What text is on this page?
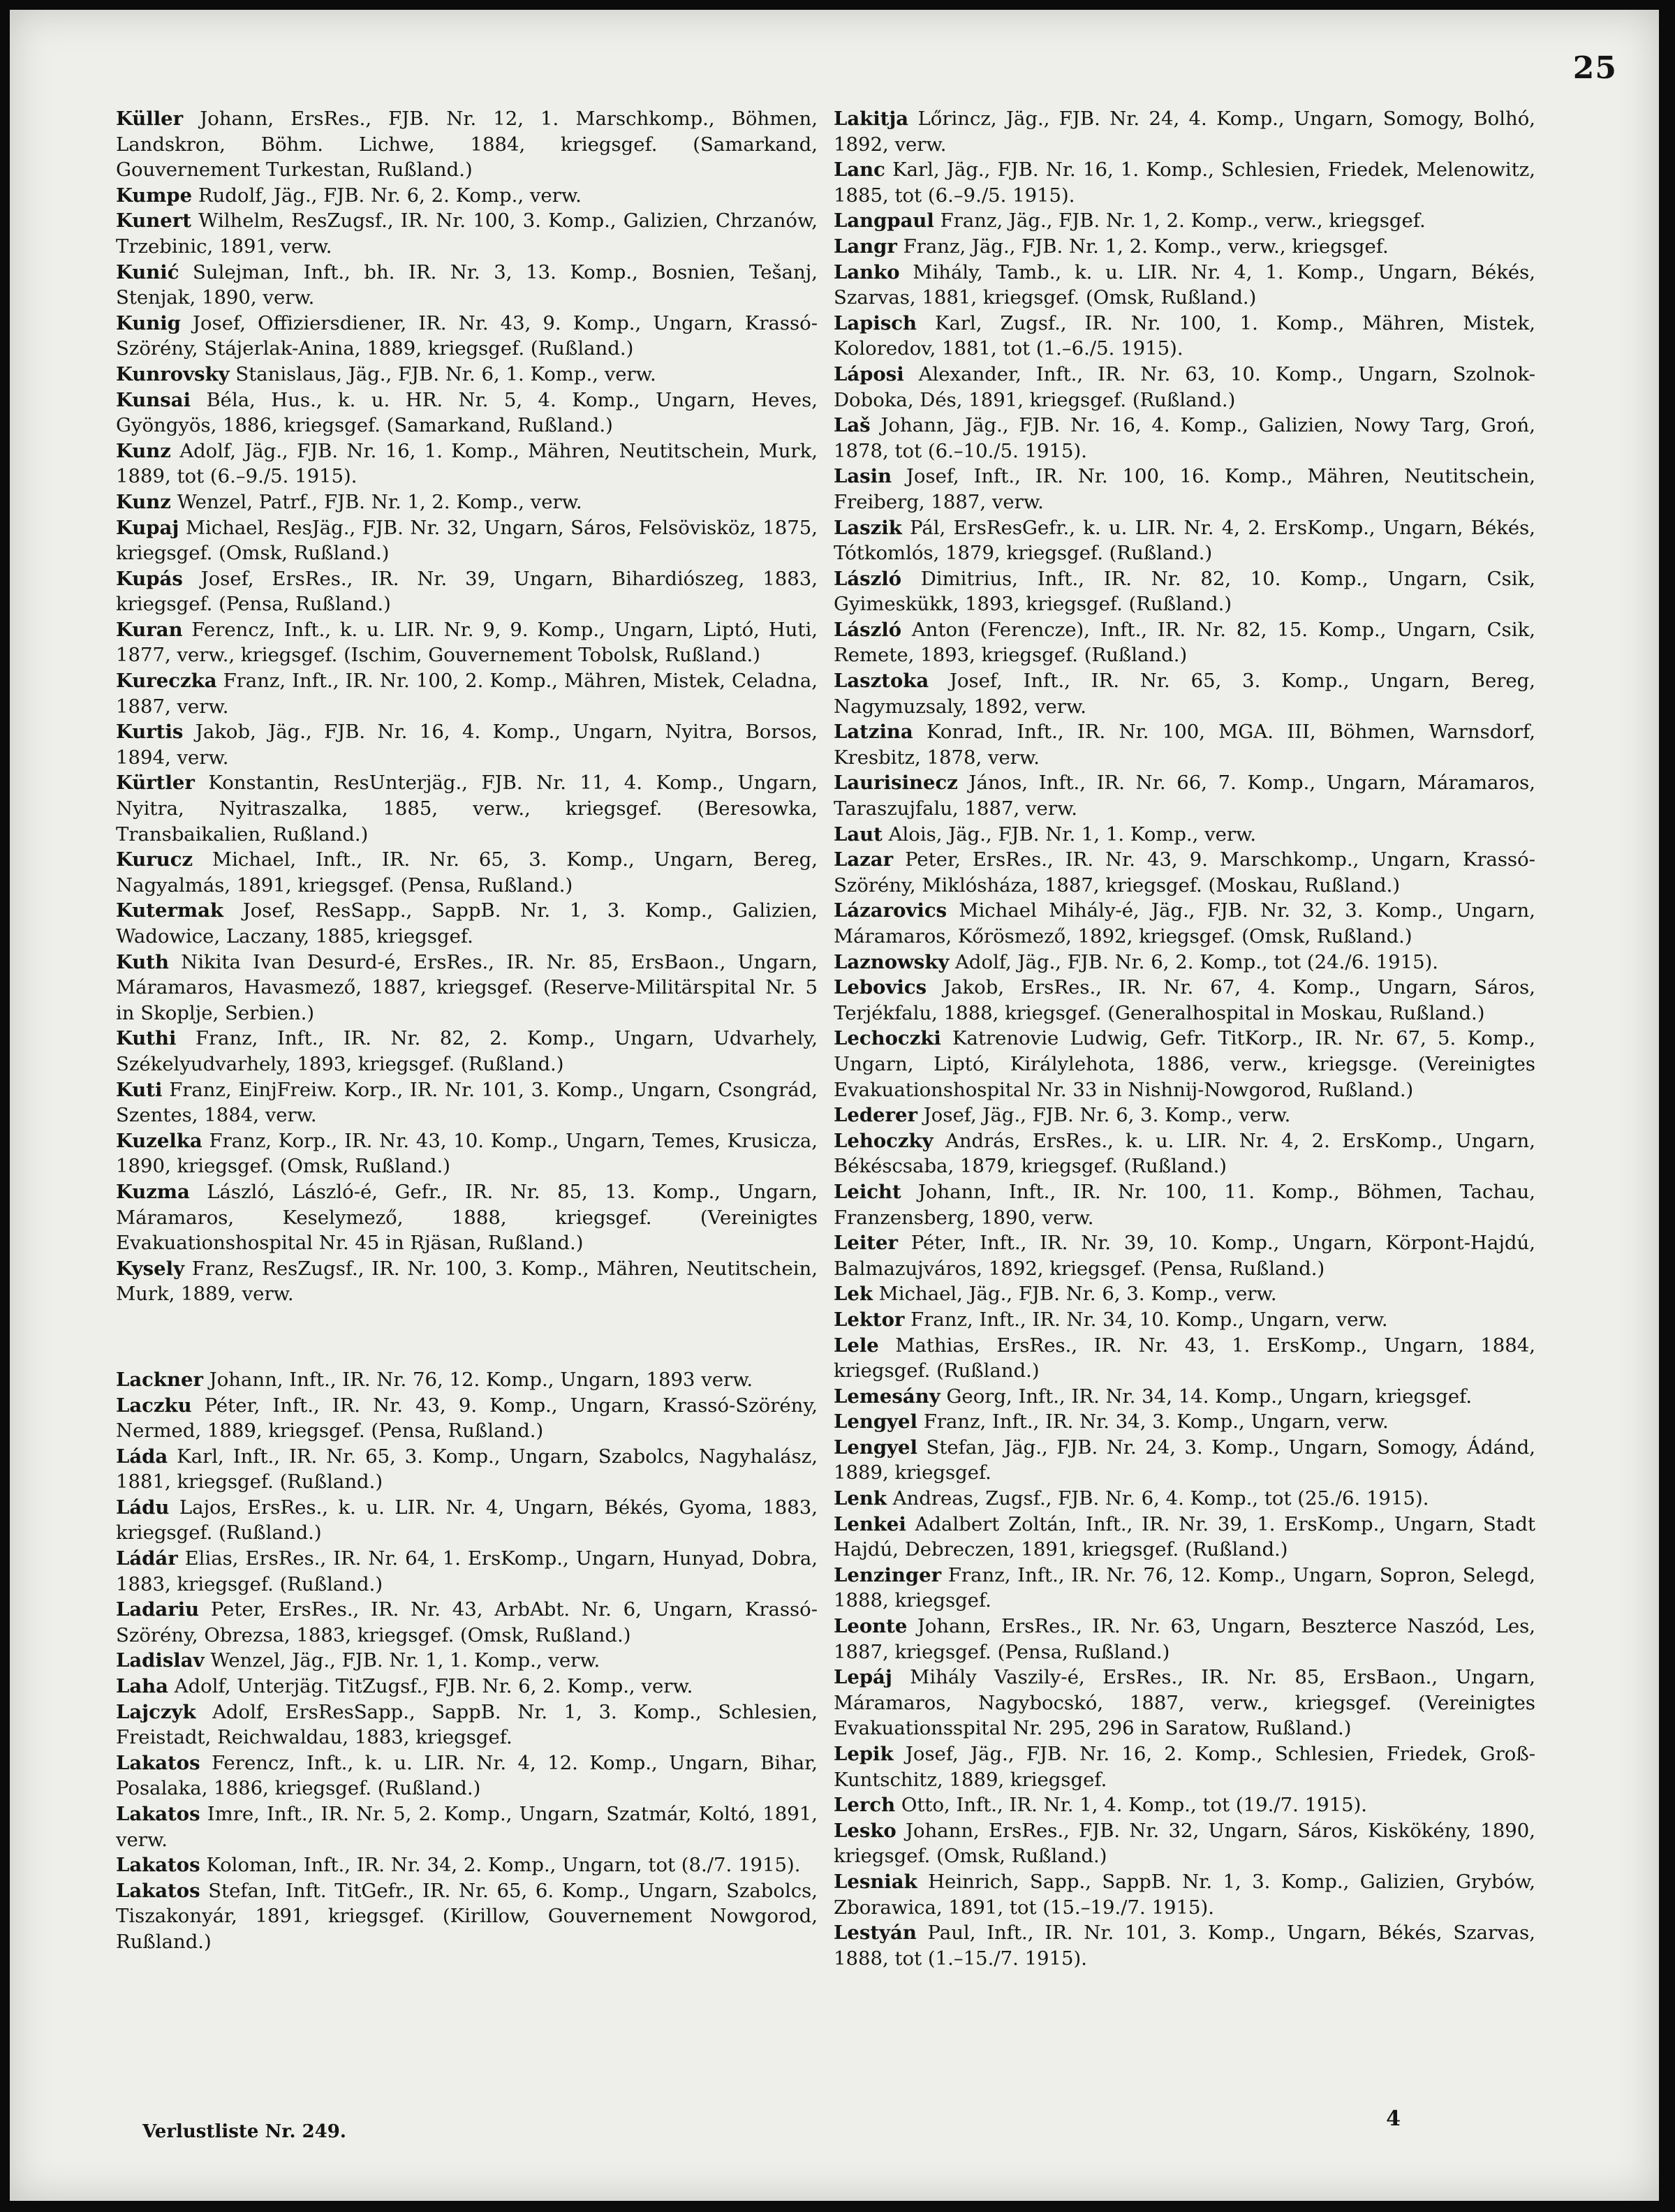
25
Küller Johann, ErsRes., FJB. Nr. 12, 1. Marschkomp., Böhmen, Landskron, Böhm. Lichwe, 1884, kriegsgef. (Samarkand, Gouvernement Turkestan, Rußland.)
Kumpe Rudolf, Jäg., FJB. Nr. 6, 2. Komp., verw.
Kunert Wilhelm, ResZugsf., IR. Nr. 100, 3. Komp., Galizien, Chrzanów, Trzebinic, 1891, verw.
Kunić Sulejman, Inft., bh. IR. Nr. 3, 13. Komp., Bosnien, Tešanj, Stenjak, 1890, verw.
Kunig Josef, Offiziersdiener, IR. Nr. 43, 9. Komp., Ungarn, Krassó-Szörény, Stájerlak-Anina, 1889, kriegsgef. (Rußland.)
Kunrovsky Stanislaus, Jäg., FJB. Nr. 6, 1. Komp., verw.
Kunsai Béla, Hus., k. u. HR. Nr. 5, 4. Komp., Ungarn, Heves, Gyöngyös, 1886, kriegsgef. (Samarkand, Rußland.)
Kunz Adolf, Jäg., FJB. Nr. 16, 1. Komp., Mähren, Neutitschein, Murk, 1889, tot (6.–9./5. 1915).
Kunz Wenzel, Patrf., FJB. Nr. 1, 2. Komp., verw.
Kupaj Michael, ResJäg., FJB. Nr. 32, Ungarn, Sáros, Felsövisköz, 1875, kriegsgef. (Omsk, Rußland.)
Kupás Josef, ErsRes., IR. Nr. 39, Ungarn, Bihardiószeg, 1883, kriegsgef. (Pensa, Rußland.)
Kuran Ferencz, Inft., k. u. LIR. Nr. 9, 9. Komp., Ungarn, Liptó, Huti, 1877, verw., kriegsgef. (Ischim, Gouvernement Tobolsk, Rußland.)
Kureczka Franz, Inft., IR. Nr. 100, 2. Komp., Mähren, Mistek, Celadna, 1887, verw.
Kurtis Jakob, Jäg., FJB. Nr. 16, 4. Komp., Ungarn, Nyitra, Borsos, 1894, verw.
Kürtler Konstantin, ResUnterjäg., FJB. Nr. 11, 4. Komp., Ungarn, Nyitra, Nyitraszalka, 1885, verw., kriegsgef. (Beresowka, Transbaikalien, Rußland.)
Kurucz Michael, Inft., IR. Nr. 65, 3. Komp., Ungarn, Bereg, Nagyalmás, 1891, kriegsgef. (Pensa, Rußland.)
Kutermak Josef, ResSapp., SappB. Nr. 1, 3. Komp., Galizien, Wadowice, Laczany, 1885, kriegsgef.
Kuth Nikita Ivan Desurd-é, ErsRes., IR. Nr. 85, ErsBaon., Ungarn, Máramaros, Havasmező, 1887, kriegsgef. (Reserve-Militärspital Nr. 5 in Skoplje, Serbien.)
Kuthi Franz, Inft., IR. Nr. 82, 2. Komp., Ungarn, Udvarhely, Székelyudvarhely, 1893, kriegsgef. (Rußland.)
Kuti Franz, EinjFreiw. Korp., IR. Nr. 101, 3. Komp., Ungarn, Csongrád, Szentes, 1884, verw.
Kuzelka Franz, Korp., IR. Nr. 43, 10. Komp., Ungarn, Temes, Krusicza, 1890, kriegsgef. (Omsk, Rußland.)
Kuzma László, László-é, Gefr., IR. Nr. 85, 13. Komp., Ungarn, Máramaros, Keselymező, 1888, kriegsgef. (Vereinigtes Evakuationshospital Nr. 45 in Rjäsan, Rußland.)
Kysely Franz, ResZugsf., IR. Nr. 100, 3. Komp., Mähren, Neutitschein, Murk, 1889, verw.
Lackner Johann, Inft., IR. Nr. 76, 12. Komp., Ungarn, 1893 verw.
Laczku Péter, Inft., IR. Nr. 43, 9. Komp., Ungarn, Krassó-Szörény, Nermed, 1889, kriegsgef. (Pensa, Rußland.)
Láda Karl, Inft., IR. Nr. 65, 3. Komp., Ungarn, Szabolcs, Nagyhalász, 1881, kriegsgef. (Rußland.)
Ládu Lajos, ErsRes., k. u. LIR. Nr. 4, Ungarn, Békés, Gyoma, 1883, kriegsgef. (Rußland.)
Ládár Elias, ErsRes., IR. Nr. 64, 1. ErsKomp., Ungarn, Hunyad, Dobra, 1883, kriegsgef. (Rußland.)
Ladariu Peter, ErsRes., IR. Nr. 43, ArbAbt. Nr. 6, Ungarn, Krassó-Szörény, Obrezsa, 1883, kriegsgef. (Omsk, Rußland.)
Ladislav Wenzel, Jäg., FJB. Nr. 1, 1. Komp., verw.
Laha Adolf, Unterjäg. TitZugsf., FJB. Nr. 6, 2. Komp., verw.
Lajczyk Adolf, ErsResSapp., SappB. Nr. 1, 3. Komp., Schlesien, Freistadt, Reichwaldau, 1883, kriegsgef.
Lakatos Ferencz, Inft., k. u. LIR. Nr. 4, 12. Komp., Ungarn, Bihar, Posalaka, 1886, kriegsgef. (Rußland.)
Lakatos Imre, Inft., IR. Nr. 5, 2. Komp., Ungarn, Szatmár, Koltó, 1891, verw.
Lakatos Koloman, Inft., IR. Nr. 34, 2. Komp., Ungarn, tot (8./7. 1915).
Lakatos Stefan, Inft. TitGefr., IR. Nr. 65, 6. Komp., Ungarn, Szabolcs, Tiszakonyár, 1891, kriegsgef. (Kirillow, Gouvernement Nowgorod, Rußland.)
Lakitja Lőrincz, Jäg., FJB. Nr. 24, 4. Komp., Ungarn, Somogy, Bolhó, 1892, verw.
Lanc Karl, Jäg., FJB. Nr. 16, 1. Komp., Schlesien, Friedek, Melenowitz, 1885, tot (6.–9./5. 1915).
Langpaul Franz, Jäg., FJB. Nr. 1, 2. Komp., verw., kriegsgef.
Langr Franz, Jäg., FJB. Nr. 1, 2. Komp., verw., kriegsgef.
Lanko Mihály, Tamb., k. u. LIR. Nr. 4, 1. Komp., Ungarn, Békés, Szarvas, 1881, kriegsgef. (Omsk, Rußland.)
Lapisch Karl, Zugsf., IR. Nr. 100, 1. Komp., Mähren, Mistek, Koloredov, 1881, tot (1.–6./5. 1915).
Láposi Alexander, Inft., IR. Nr. 63, 10. Komp., Ungarn, Szolnok-Doboka, Dés, 1891, kriegsgef. (Rußland.)
Laš Johann, Jäg., FJB. Nr. 16, 4. Komp., Galizien, Nowy Targ, Groń, 1878, tot (6.–10./5. 1915).
Lasin Josef, Inft., IR. Nr. 100, 16. Komp., Mähren, Neutitschein, Freiberg, 1887, verw.
Laszik Pál, ErsResGefr., k. u. LIR. Nr. 4, 2. ErsKomp., Ungarn, Békés, Tótkomlós, 1879, kriegsgef. (Rußland.)
László Dimitrius, Inft., IR. Nr. 82, 10. Komp., Ungarn, Csik, Gyimeskükk, 1893, kriegsgef. (Rußland.)
László Anton (Ferencze), Inft., IR. Nr. 82, 15. Komp., Ungarn, Csik, Remete, 1893, kriegsgef. (Rußland.)
Lasztoka Josef, Inft., IR. Nr. 65, 3. Komp., Ungarn, Bereg, Nagymuzsaly, 1892, verw.
Latzina Konrad, Inft., IR. Nr. 100, MGA. III, Böhmen, Warnsdorf, Kresbitz, 1878, verw.
Laurisinecz János, Inft., IR. Nr. 66, 7. Komp., Ungarn, Máramaros, Taraszujfalu, 1887, verw.
Laut Alois, Jäg., FJB. Nr. 1, 1. Komp., verw.
Lazar Peter, ErsRes., IR. Nr. 43, 9. Marschkomp., Ungarn, Krassó-Szörény, Miklósháza, 1887, kriegsgef. (Moskau, Rußland.)
Lázarovics Michael Mihály-é, Jäg., FJB. Nr. 32, 3. Komp., Ungarn, Máramaros, Kőrösmező, 1892, kriegsgef. (Omsk, Rußland.)
Laznowsky Adolf, Jäg., FJB. Nr. 6, 2. Komp., tot (24./6. 1915).
Lebovics Jakob, ErsRes., IR. Nr. 67, 4. Komp., Ungarn, Sáros, Terjékfalu, 1888, kriegsgef. (Generalhospital in Moskau, Rußland.)
Lechoczki Katrenovie Ludwig, Gefr. TitKorp., IR. Nr. 67, 5. Komp., Ungarn, Liptó, Királylehota, 1886, verw., kriegsge. (Vereinigtes Evakuationshospital Nr. 33 in Nishnij-Nowgorod, Rußland.)
Lederer Josef, Jäg., FJB. Nr. 6, 3. Komp., verw.
Lehoczky András, ErsRes., k. u. LIR. Nr. 4, 2. ErsKomp., Ungarn, Békéscsaba, 1879, kriegsgef. (Rußland.)
Leicht Johann, Inft., IR. Nr. 100, 11. Komp., Böhmen, Tachau, Franzensberg, 1890, verw.
Leiter Péter, Inft., IR. Nr. 39, 10. Komp., Ungarn, Körpont-Hajdú, Balmazujváros, 1892, kriegsgef. (Pensa, Rußland.)
Lek Michael, Jäg., FJB. Nr. 6, 3. Komp., verw.
Lektor Franz, Inft., IR. Nr. 34, 10. Komp., Ungarn, verw.
Lele Mathias, ErsRes., IR. Nr. 43, 1. ErsKomp., Ungarn, 1884, kriegsgef. (Rußland.)
Lemesány Georg, Inft., IR. Nr. 34, 14. Komp., Ungarn, kriegsgef.
Lengyel Franz, Inft., IR. Nr. 34, 3. Komp., Ungarn, verw.
Lengyel Stefan, Jäg., FJB. Nr. 24, 3. Komp., Ungarn, Somogy, Ádánd, 1889, kriegsgef.
Lenk Andreas, Zugsf., FJB. Nr. 6, 4. Komp., tot (25./6. 1915).
Lenkei Adalbert Zoltán, Inft., IR. Nr. 39, 1. ErsKomp., Ungarn, Stadt Hajdú, Debreczen, 1891, kriegsgef. (Rußland.)
Lenzinger Franz, Inft., IR. Nr. 76, 12. Komp., Ungarn, Sopron, Selegd, 1888, kriegsgef.
Leonte Johann, ErsRes., IR. Nr. 63, Ungarn, Beszterce Naszód, Les, 1887, kriegsgef. (Pensa, Rußland.)
Lepáj Mihály Vaszily-é, ErsRes., IR. Nr. 85, ErsBaon., Ungarn, Máramaros, Nagybocskó, 1887, verw., kriegsgef. (Vereinigtes Evakuationsspital Nr. 295, 296 in Saratow, Rußland.)
Lepik Josef, Jäg., FJB. Nr. 16, 2. Komp., Schlesien, Friedek, Groß-Kuntschitz, 1889, kriegsgef.
Lerch Otto, Inft., IR. Nr. 1, 4. Komp., tot (19./7. 1915).
Lesko Johann, ErsRes., FJB. Nr. 32, Ungarn, Sáros, Kiskökény, 1890, kriegsgef. (Omsk, Rußland.)
Lesniak Heinrich, Sapp., SappB. Nr. 1, 3. Komp., Galizien, Grybów, Zborawica, 1891, tot (15.–19./7. 1915).
Lestyán Paul, Inft., IR. Nr. 101, 3. Komp., Ungarn, Békés, Szarvas, 1888, tot (1.–15./7. 1915).
Verlustliste Nr. 249.
4
